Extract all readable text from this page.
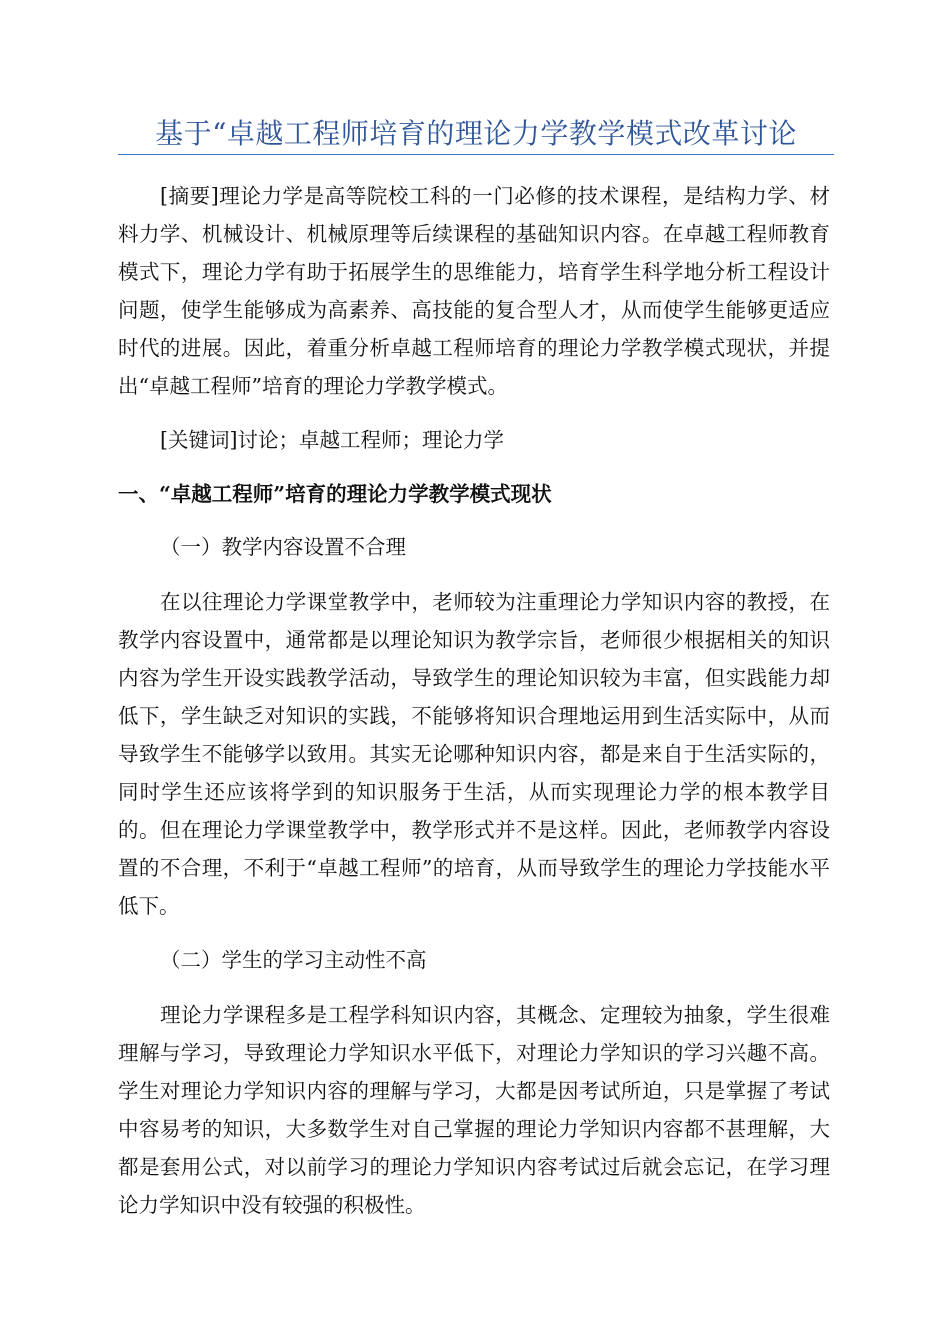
基于“卓越工程师培育的理论力学教学模式改革讨论

[摘要]理论力学是高等院校工科的一门必修的技术课程，是结构力学、材料力学、机械设计、机械原理等后续课程的基础知识内容。在卓越工程师教育模式下，理论力学有助于拓展学生的思维能力，培育学生科学地分析工程设计问题，使学生能够成为高素养、高技能的复合型人才，从而使学生能够更适应时代的进展。因此，着重分析卓越工程师培育的理论力学教学模式现状，并提出“卓越工程师”培育的理论力学教学模式。

[关键词]讨论；卓越工程师；理论力学

一、“卓越工程师”培育的理论力学教学模式现状

（一）教学内容设置不合理

在以往理论力学课堂教学中，老师较为注重理论力学知识内容的教授，在教学内容设置中，通常都是以理论知识为教学宗旨，老师很少根据相关的知识内容为学生开设实践教学活动，导致学生的理论知识较为丰富，但实践能力却低下，学生缺乏对知识的实践，不能够将知识合理地运用到生活实际中，从而导致学生不能够学以致用。其实无论哪种知识内容，都是来自于生活实际的，同时学生还应该将学到的知识服务于生活，从而实现理论力学的根本教学目的。但在理论力学课堂教学中，教学形式并不是这样。因此，老师教学内容设置的不合理，不利于“卓越工程师”的培育，从而导致学生的理论力学技能水平低下。

（二）学生的学习主动性不高

理论力学课程多是工程学科知识内容，其概念、定理较为抽象，学生很难理解与学习，导致理论力学知识水平低下，对理论力学知识的学习兴趣不高。学生对理论力学知识内容的理解与学习，大都是因考试所迫，只是掌握了考试中容易考的知识，大多数学生对自己掌握的理论力学知识内容都不甚理解，大都是套用公式，对以前学习的理论力学知识内容考试过后就会忘记，在学习理论力学知识中没有较强的积极性。
